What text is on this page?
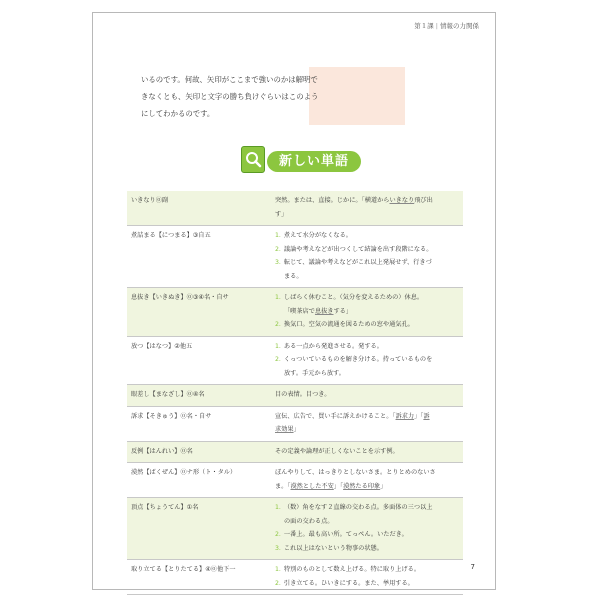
第１課 | 情報の力関係

いるのです。何故、矢印がここまで強いのかは解明で

きなくとも、矢印と文字の勝ち負けぐらいはこのよう

にしてわかるのです。

新しい単語
いきなり⓪副	突然。または、直接。じかに。「横道からいきなり飛び出
す」

煮詰まる【につまる】③自五	1. 煮えて水分がなくなる。
2. 議論や考えなどが出つくして結論を出す段階になる。
3. 転じて、議論や考えなどがこれ以上発展せず、行きづ
まる。

息抜き【いきぬき】⓪③④名・自サ	1. しばらく休むこと。（気分を変えるための）休息。
「喫茶店で息抜きする」
2. 換気口。空気の流通を図るための窓や通気孔。

放つ【はなつ】②他五	1. ある一点から発進させる。発する。
2. くっついているものを解き分ける。持っているものを
放す。手元から放す。

眼差し【まなざし】⓪④名	目の表情。目つき。

訴求【そきゅう】⓪名・自サ	宣伝、広告で、買い手に訴えかけること。「訴求力」「訴
求効果」

反例【はんれい】⓪名	その定義や論理が正しくないことを示す例。

漠然【ばくぜん】⓪ナ形（ト・タル）	ぼんやりして、はっきりとしないさま。とりとめのないさ
ま。「漠然とした不安」「漠然たる印象」

頂点【ちょうてん】①名	1. （数）角をなす２直線の交わる点。多面体の三つ以上
の面の交わる点。
2. 一番上。最も高い所。てっぺん。いただき。
3. これ以上はないという物事の状態。

取り立てる【とりたてる】④⓪他下一	1. 特別のものとして数え上げる。特に取り上げる。
2. 引き立てる。ひいきにする。また、挙用する。
7
